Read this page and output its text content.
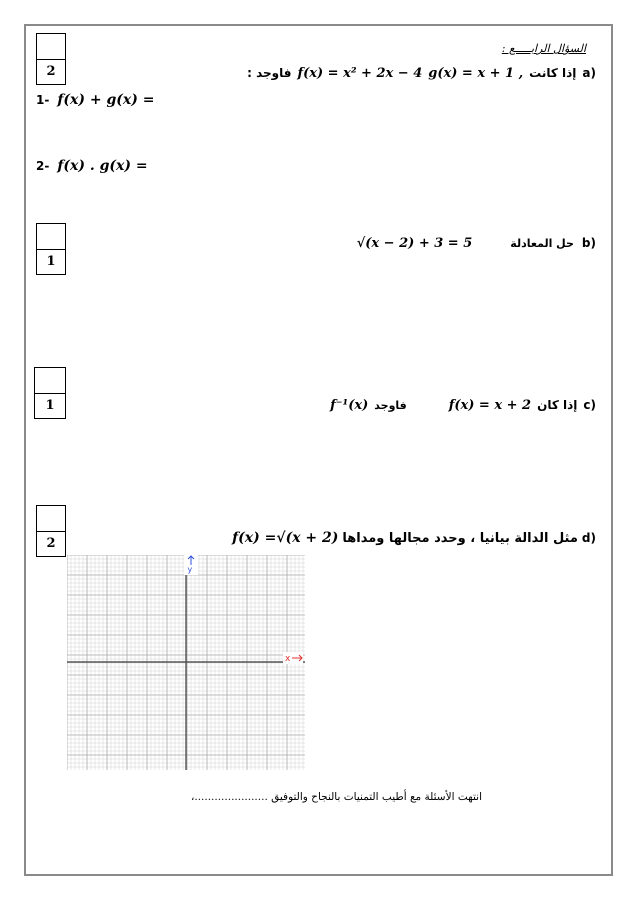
السؤال الرابـــــع :
2
1
1
2
a)
إذا كانت
g(x) = x + 1 ,
f(x) = x² + 2x − 4
فاوجد :
1- f(x) + g(x) =
2- f(x) . g(x) =
b)
حل المعادلة
√(x − 2) + 3 = 5
c)
إذا كان
f(x) = x + 2
فاوجد
f⁻¹(x)
d)
مثل الدالة بيانيا ، وحدد مجالها ومداها
f(x) =√(x + 2)
x
y
انتهت الأسئلة مع أطيب التمنيات بالنجاح والتوفيق ......................،
